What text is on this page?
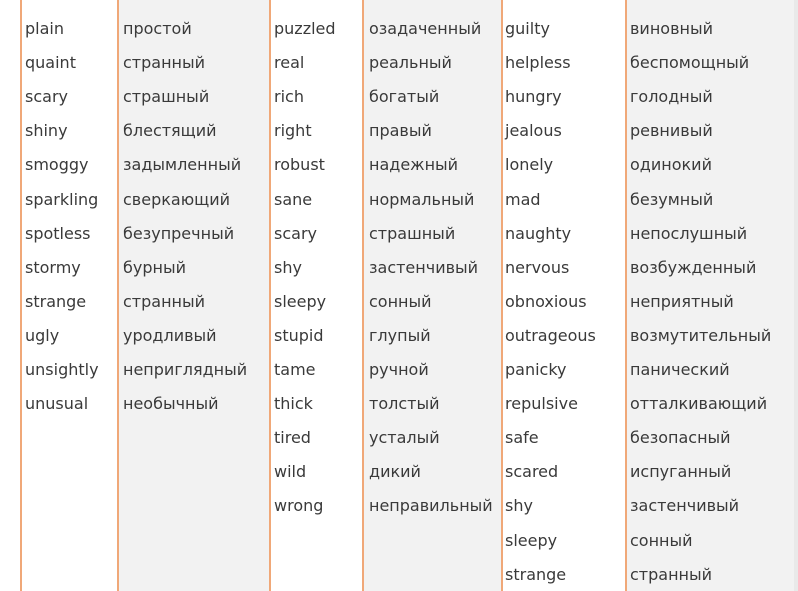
plain
quaint
scary
shiny
smoggy
sparkling
spotless
stormy
strange
ugly
unsightly
unusual
простой
странный
страшный
блестящий
задымленный
сверкающий
безупречный
бурный
странный
уродливый
неприглядный
необычный
puzzled
real
rich
right
robust
sane
scary
shy
sleepy
stupid
tame
thick
tired
wild
wrong
озадаченный
реальный
богатый
правый
надежный
нормальный
страшный
застенчивый
сонный
глупый
ручной
толстый
усталый
дикий
неправильный
guilty
helpless
hungry
jealous
lonely
mad
naughty
nervous
obnoxious
outrageous
panicky
repulsive
safe
scared
shy
sleepy
strange
виновный
беспомощный
голодный
ревнивый
одинокий
безумный
непослушный
возбужденный
неприятный
возмутительный
панический
отталкивающий
безопасный
испуганный
застенчивый
сонный
странный
